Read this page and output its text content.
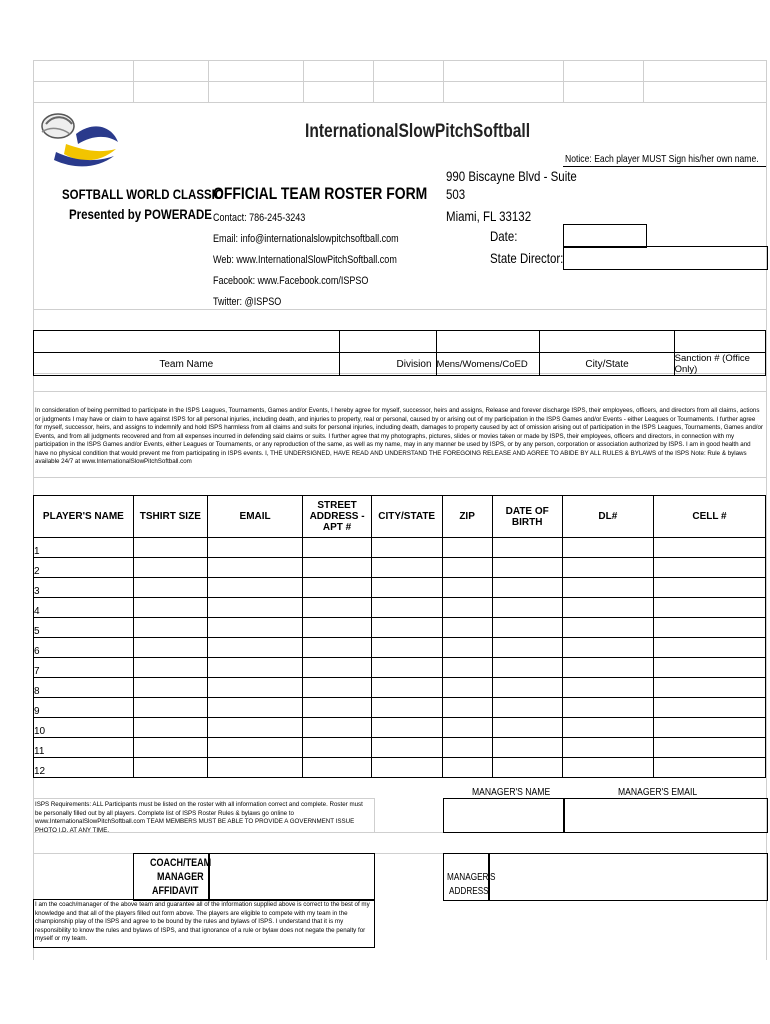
InternationalSlowPitchSoftball
Notice: Each player MUST Sign his/her own name.
SOFTBALL WORLD CLASSIC
Presented by POWERADE
OFFICIAL TEAM ROSTER FORM
990 Biscayne Blvd - Suite
503
Miami, FL 33132
Date:
State Director:
Contact: 786-245-3243
Email: info@internationalslowpitchsoftball.com
Web: www.InternationalSlowPitchSoftball.com
Facebook: www.Facebook.com/ISPSO
Twitter: @ISPSO

Team Name	Division	Mens/Womens/CoED	City/State	Sanction # (Office Only)
In consideration of being permitted to participate in the ISPS Leagues, Tournaments, Games and/or Events, I hereby agree for myself, successor, heirs and assigns, Release and forever discharge ISPS, their employees, officers, and directors from all claims, actions or judgments I may have or claim to have against ISPS for all personal injuries, including death, and injuries to property, real or personal, caused by or arising out of my participation in the ISPS Games and/or Events - either Leagues or Tournaments. I further agree for myself, successor, heirs, and assigns to indemnify and hold ISPS harmless from all claims and suits for personal injuries, including death, damages to property caused by act of omission arising out of participation in the ISPS Leagues, Tournaments, Games and/or Events, and from all judgments recovered and from all expenses incurred in defending said claims or suits. I further agree that my photographs, pictures, slides or movies taken or made by ISPS, their employees, officers and directors, in connection with my participation in the ISPS Games and/or Events, either Leagues or Tournaments, or any reproduction of the same, as well as my name, may in any manner be used by ISPS, or by any person, corporation or association authorized by ISPS. I am in good health and have no physical condition that would prevent me from participating in ISPS events. I, THE UNDERSIGNED, HAVE READ AND UNDERSTAND THE FOREGOING RELEASE AND AGREE TO ABIDE BY ALL RULES & BYLAWS of the ISPS Note: Rule & bylaws available 24/7 at www.InternationalSlowPitchSoftball.com
PLAYER'S NAME	TSHIRT SIZE	EMAIL	STREET ADDRESS - APT #	CITY/STATE	ZIP	DATE OF BIRTH	DL#	CELL #
1								
2								
3								
4								
5								
6								
7								
8								
9								
10								
11								
12								
MANAGER'S NAME	MANAGER'S EMAIL
ISPS Requirements: ALL Participants must be listed on the roster with all information correct and complete. Roster must be personally filled out by all players. Complete list of ISPS Roster Rules & bylaws go online to www.InternationalSlowPitchSoftball.com TEAM MEMBERS MUST BE ABLE TO PROVIDE A GOVERNMENT ISSUE PHOTO I.D. AT ANY TIME.
COACH/TEAM
MANAGER
AFFIDAVIT
I am the coach/manager of the above team and guarantee all of the information supplied above is correct to the best of my knowledge and that all of the players filled out form above. The players are eligible to compete with my team in the championship play of the ISPS and agree to be bound by the rules and bylaws of ISPS. I understand that it is my responsibility to know the rules and bylaws of ISPS, and that ignorance of a rule or bylaw does not negate the penalty for myself or my team.
MANAGER'S
ADDRESS
